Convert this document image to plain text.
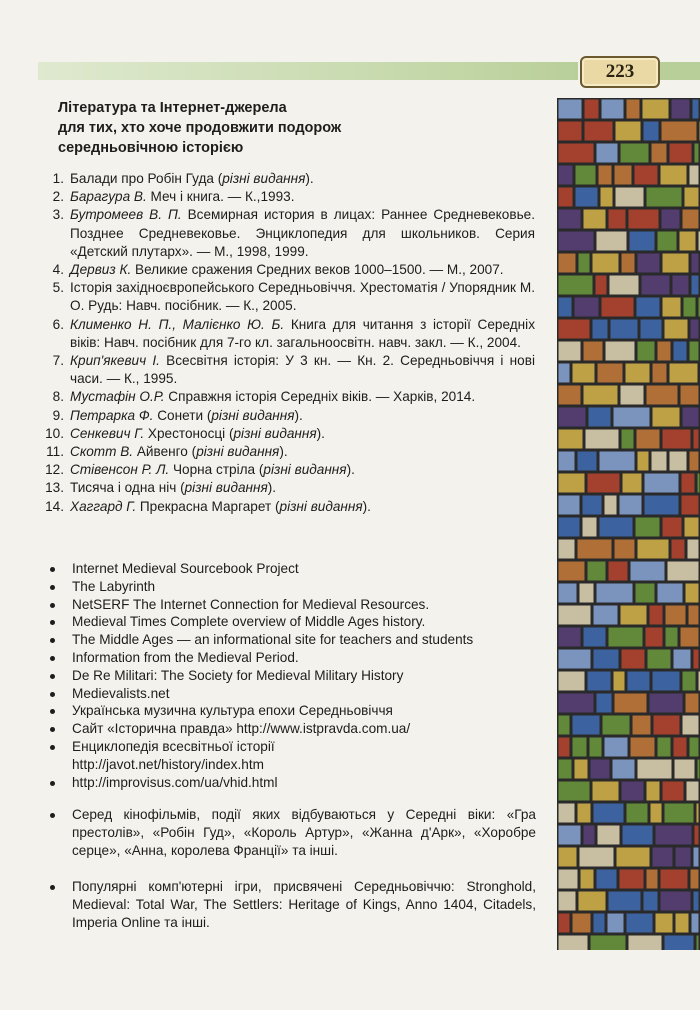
223
Література та Інтернет-джерела
для тих, хто хоче продовжити подорож
середньовічною історією
1. Балади про Робін Гуда (різні видання).
2. Барагура В. Меч і книга. — К.,1993.
3. Бутромеев В. П. Всемирная история в лицах: Раннее Средневековье. Позднее Средневековье. Энциклопедия для школьников. Серия «Детский плутарх». — М., 1998, 1999.
4. Дервиз К. Великие сражения Средних веков 1000–1500. — М., 2007.
5. Історія західноєвропейського Середньовіччя. Хрестоматія / Упорядник М. О. Рудь: Навч. посібник. — К., 2005.
6. Клименко Н. П., Малієнко Ю. Б. Книга для читання з історії Середніх віків: Навч. посібник для 7-го кл. загальноосвітн. навч. закл. — К., 2004.
7. Крип'якевич І. Всесвітня історія: У 3 кн. — Кн. 2. Середньовіччя і нові часи. — К., 1995.
8. Мустафін О.Р. Справжня історія Середніх віків. — Харків, 2014.
9. Петрарка Ф. Сонети (різні видання).
10. Сенкевич Г. Хрестоносці (різні видання).
11. Скотт В. Айвенго (різні видання).
12. Стівенсон Р. Л. Чорна стріла (різні видання).
13. Тисяча і одна ніч (різні видання).
14. Хаггард Г. Прекрасна Маргарет (різні видання).
Internet Medieval Sourcebook Project
The Labyrinth
NetSERF The Internet Connection for Medieval Resources.
Medieval Times Complete overview of Middle Ages history.
The Middle Ages — an informational site for teachers and students
Information from the Medieval Period.
De Re Militari: The Society for Medieval Military History
Medievalists.net
Українська музична культура епохи Середньовіччя
Сайт «Історична правда» http://www.istpravda.com.ua/
Енциклопедія всесвітньої історії
http://javot.net/history/index.htm
http://improvisus.com/ua/vhid.html
Серед кінофільмів, події яких відбуваються у Середні віки: «Гра престолів», «Робін Гуд», «Король Артур», «Жанна д'Арк», «Хоробре серце», «Анна, королева Франції» та інші.
Популярні комп'ютерні ігри, присвячені Середньовіччю: Stronghold, Medieval: Total War, The Settlers: Heritage of Kings, Anno 1404, Citadels, Imperia Online та інші.
